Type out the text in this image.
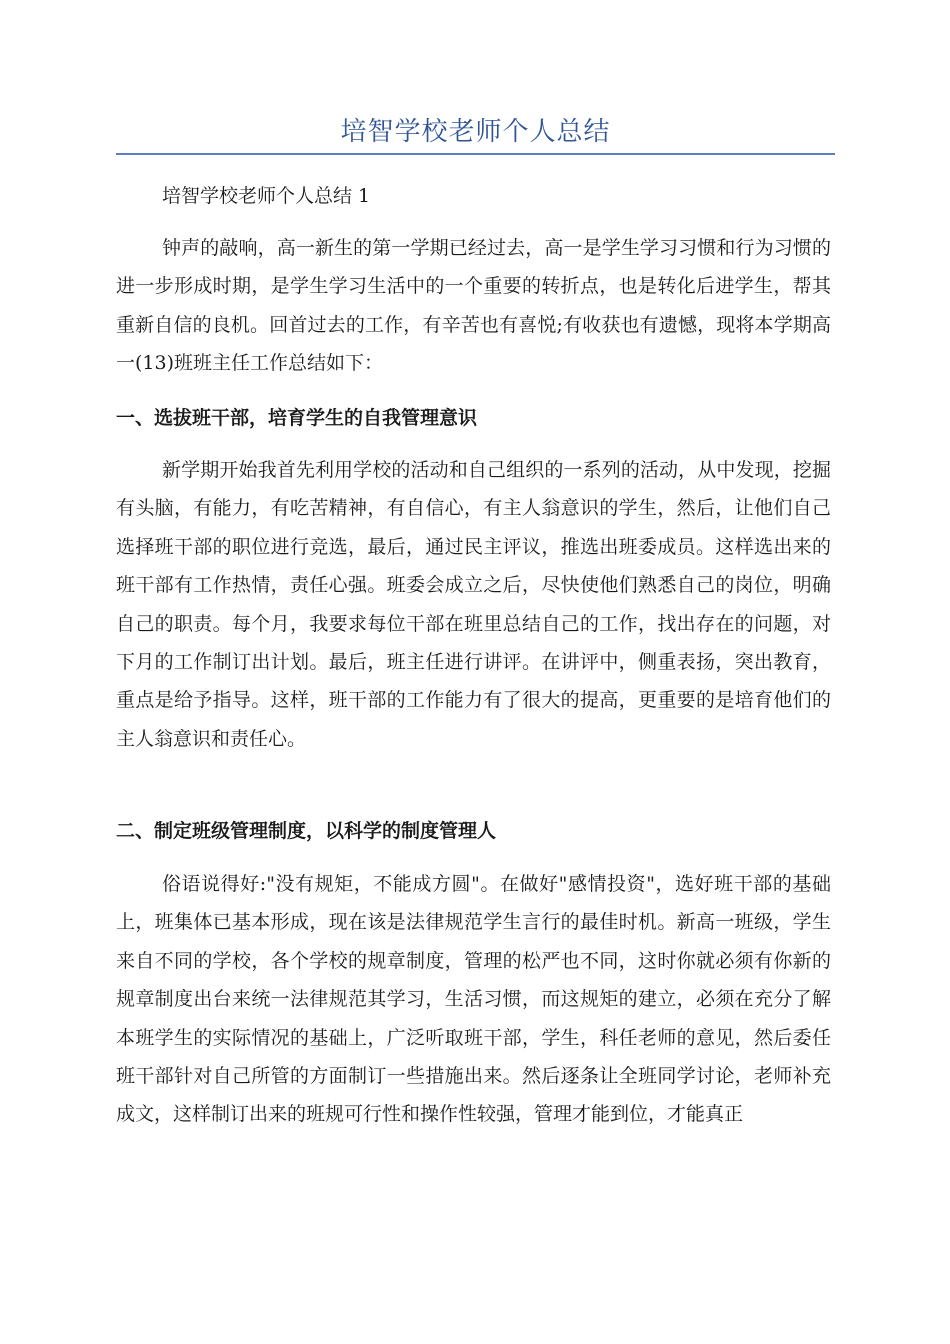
培智学校老师个人总结

培智学校老师个人总结 1

钟声的敲响，高一新生的第一学期已经过去，高一是学生学习习惯和行为习惯的进一步形成时期，是学生学习生活中的一个重要的转折点，也是转化后进学生，帮其重新自信的良机。回首过去的工作，有辛苦也有喜悦;有收获也有遗憾，现将本学期高一(13)班班主任工作总结如下：

一、选拔班干部，培育学生的自我管理意识

新学期开始我首先利用学校的活动和自己组织的一系列的活动，从中发现，挖掘有头脑，有能力，有吃苦精神，有自信心，有主人翁意识的学生，然后，让他们自己选择班干部的职位进行竞选，最后，通过民主评议，推选出班委成员。这样选出来的班干部有工作热情，责任心强。班委会成立之后，尽快使他们熟悉自己的岗位，明确自己的职责。每个月，我要求每位干部在班里总结自己的工作，找出存在的问题，对下月的工作制订出计划。最后，班主任进行讲评。在讲评中，侧重表扬，突出教育，重点是给予指导。这样，班干部的工作能力有了很大的提高，更重要的是培育他们的主人翁意识和责任心。

二、制定班级管理制度，以科学的制度管理人

俗语说得好:"没有规矩，不能成方圆"。在做好"感情投资"，选好班干部的基础上，班集体已基本形成，现在该是法律规范学生言行的最佳时机。新高一班级，学生来自不同的学校，各个学校的规章制度，管理的松严也不同，这时你就必须有你新的规章制度出台来统一法律规范其学习，生活习惯，而这规矩的建立，必须在充分了解本班学生的实际情况的基础上，广泛听取班干部，学生，科任老师的意见，然后委任班干部针对自己所管的方面制订一些措施出来。然后逐条让全班同学讨论，老师补充成文，这样制订出来的班规可行性和操作性较强，管理才能到位，才能真正
